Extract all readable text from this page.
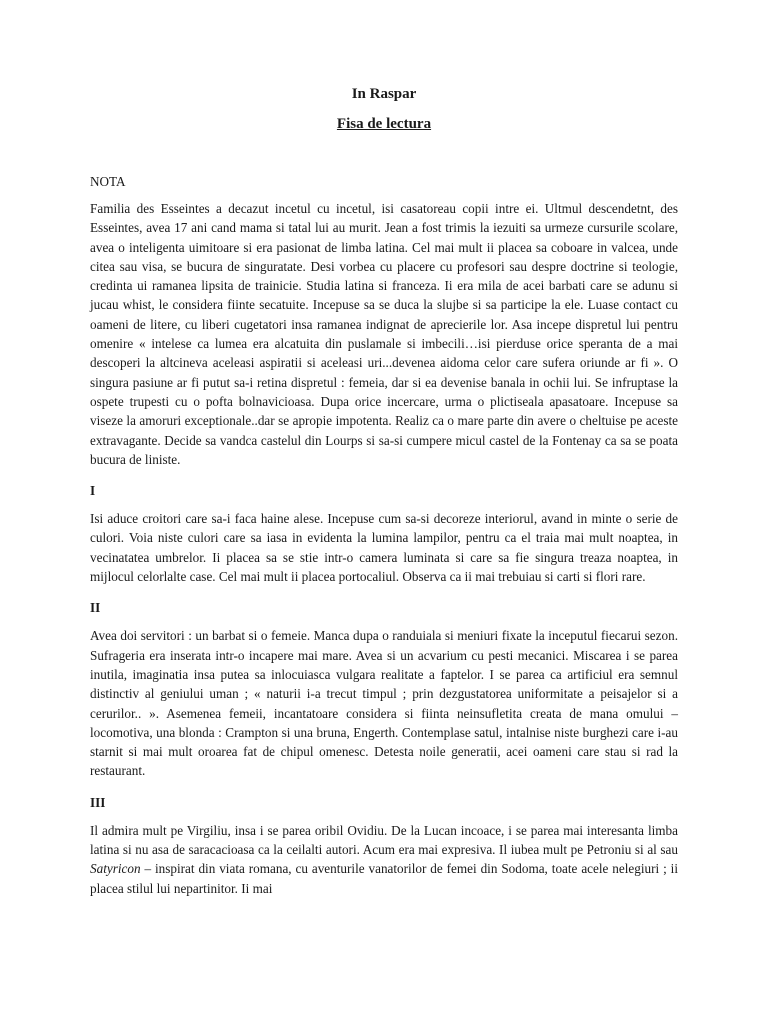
In Raspar
Fisa de lectura
NOTA

Familia des Esseintes a decazut incetul cu incetul, isi casatoreau copii intre ei. Ultmul descendetnt, des Esseintes, avea 17 ani cand mama si tatal lui au murit. Jean a fost trimis la iezuiti sa urmeze cursurile scolare, avea o inteligenta uimitoare si era pasionat de limba latina. Cel mai mult ii placea sa coboare in valcea, unde citea sau visa, se bucura de singuratate. Desi vorbea cu placere cu profesori sau despre doctrine si teologie, credinta ui ramanea lipsita de trainicie. Studia latina si franceza. Ii era mila de acei barbati care se adunu si jucau whist, le considera fiinte secatuite. Incepuse sa se duca la slujbe si sa participe la ele. Luase contact cu oameni de litere, cu liberi cugetatori insa ramanea indignat de aprecierile lor. Asa incepe dispretul lui pentru omenire « intelese ca lumea era alcatuita din puslamale si imbecili…isi pierduse orice speranta de a mai descoperi la altcineva aceleasi aspiratii si aceleasi uri...devenea aidoma celor care sufera oriunde ar fi ». O singura pasiune ar fi putut sa-i retina dispretul : femeia, dar si ea devenise banala in ochii lui. Se infruptase la ospete trupesti cu o pofta bolnavicioasa. Dupa orice incercare, urma o plictiseala apasatoare. Incepuse sa viseze la amoruri exceptionale..dar se apropie impotenta. Realiz ca o mare parte din avere o cheltuise pe aceste extravagante. Decide sa vandca castelul din Lourps si sa-si cumpere micul castel de la Fontenay ca sa se poata bucura de liniste.

I

Isi aduce croitori care sa-i faca haine alese. Incepuse cum sa-si decoreze interiorul, avand in minte o serie de culori. Voia niste culori care sa iasa in evidenta la lumina lampilor, pentru ca el traia mai mult noaptea, in vecinatatea umbrelor. Ii placea sa se stie intr-o camera luminata si care sa fie singura treaza noaptea, in mijlocul celorlalte case. Cel mai mult ii placea portocaliul. Observa ca ii mai trebuiau si carti si flori rare.

II

Avea doi servitori : un barbat si o femeie. Manca dupa o randuiala si meniuri fixate la inceputul fiecarui sezon. Sufrageria era inserata intr-o incapere mai mare. Avea si un acvarium cu pesti mecanici. Miscarea i se parea inutila, imaginatia insa putea sa inlocuiasca vulgara realitate a faptelor. I se parea ca artificiul era semnul distinctiv al geniului uman ; « naturii i-a trecut timpul ; prin dezgustatorea uniformitate a peisajelor si a cerurilor.. ». Asemenea femeii, incantatoare considera si fiinta neinsufletita creata de mana omului – locomotiva, una blonda : Crampton si una bruna, Engerth. Contemplase satul, intalnise niste burghezi care i-au starnit si mai mult oroarea fat de chipul omenesc. Detesta noile generatii, acei oameni care stau si rad la restaurant.

III

Il admira mult pe Virgiliu, insa i se parea oribil Ovidiu. De la Lucan incoace, i se parea mai interesanta limba latina si nu asa de saracacioasa ca la ceilalti autori. Acum era mai expresiva. Il iubea mult pe Petroniu si al sau Satyricon – inspirat din viata romana, cu aventurile vanatorilor de femei din Sodoma, toate acele nelegiuri ; ii placea stilul lui nepartinitor. Ii mai
